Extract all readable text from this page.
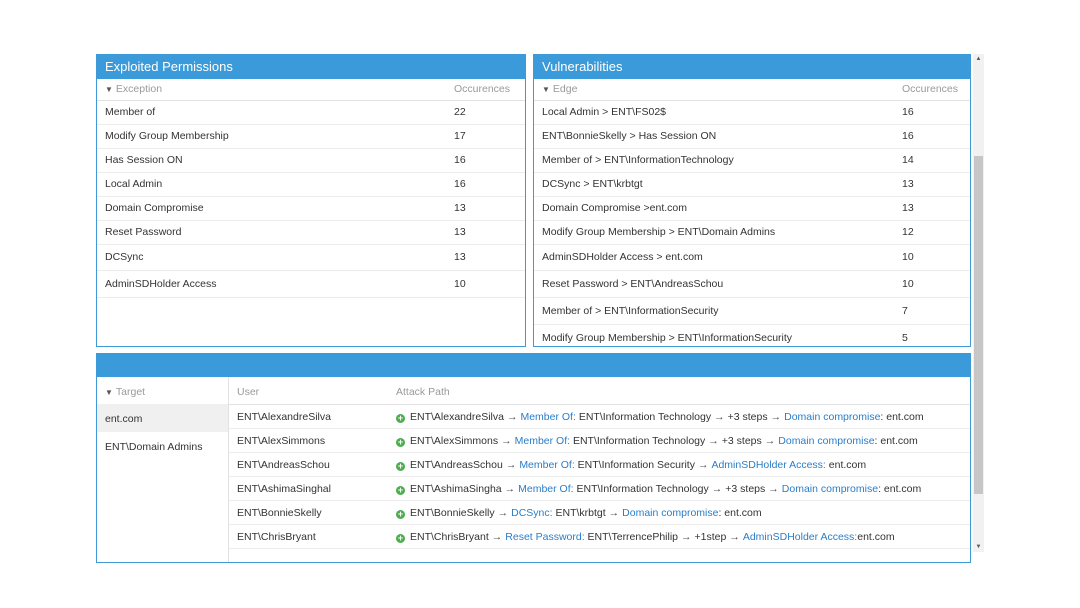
Exploited Permissions
▼ Exception	Occurences
Member of	22
Modify Group Membership	17
Has Session ON	16
Local Admin	16
Domain Compromise	13
Reset Password	13
DCSync	13
AdminSDHolder Access	10
Vulnerabilities
▼ Edge	Occurences
Local Admin > ENT\FS02$	16
ENT\BonnieSkelly > Has Session ON	16
Member of > ENT\InformationTechnology	14
DCSync > ENT\krbtgt	13
Domain Compromise >ent.com	13
Modify Group Membership > ENT\Domain Admins	12
AdminSDHolder Access > ent.com	10
Reset Password > ENT\AndreasSchou	10
Member of > ENT\InformationSecurity	7
Modify Group Membership > ENT\InformationSecurity	5
▼ Target
ent.com
ENT\Domain Admins
User	Attack Path
ENT\AlexandreSilva	+ ENT\AlexandreSilva → Member Of: ENT\Information Technology → +3 steps → Domain compromise: ent.com
ENT\AlexSimmons	+ ENT\AlexSimmons → Member Of: ENT\Information Technology → +3 steps → Domain compromise: ent.com
ENT\AndreasSchou	+ ENT\AndreasSchou → Member Of: ENT\Information Security → AdminSDHolder Access: ent.com
ENT\AshimaSinghal	+ ENT\AshimaSingha → Member Of: ENT\Information Technology → +3 steps → Domain compromise: ent.com
ENT\BonnieSkelly	+ ENT\BonnieSkelly → DCSync: ENT\krbtgt → Domain compromise: ent.com
ENT\ChrisBryant	+ ENT\ChrisBryant → Reset Password: ENT\TerrencePhilip → +1step → AdminSDHolder Access:ent.com
▲
▼
